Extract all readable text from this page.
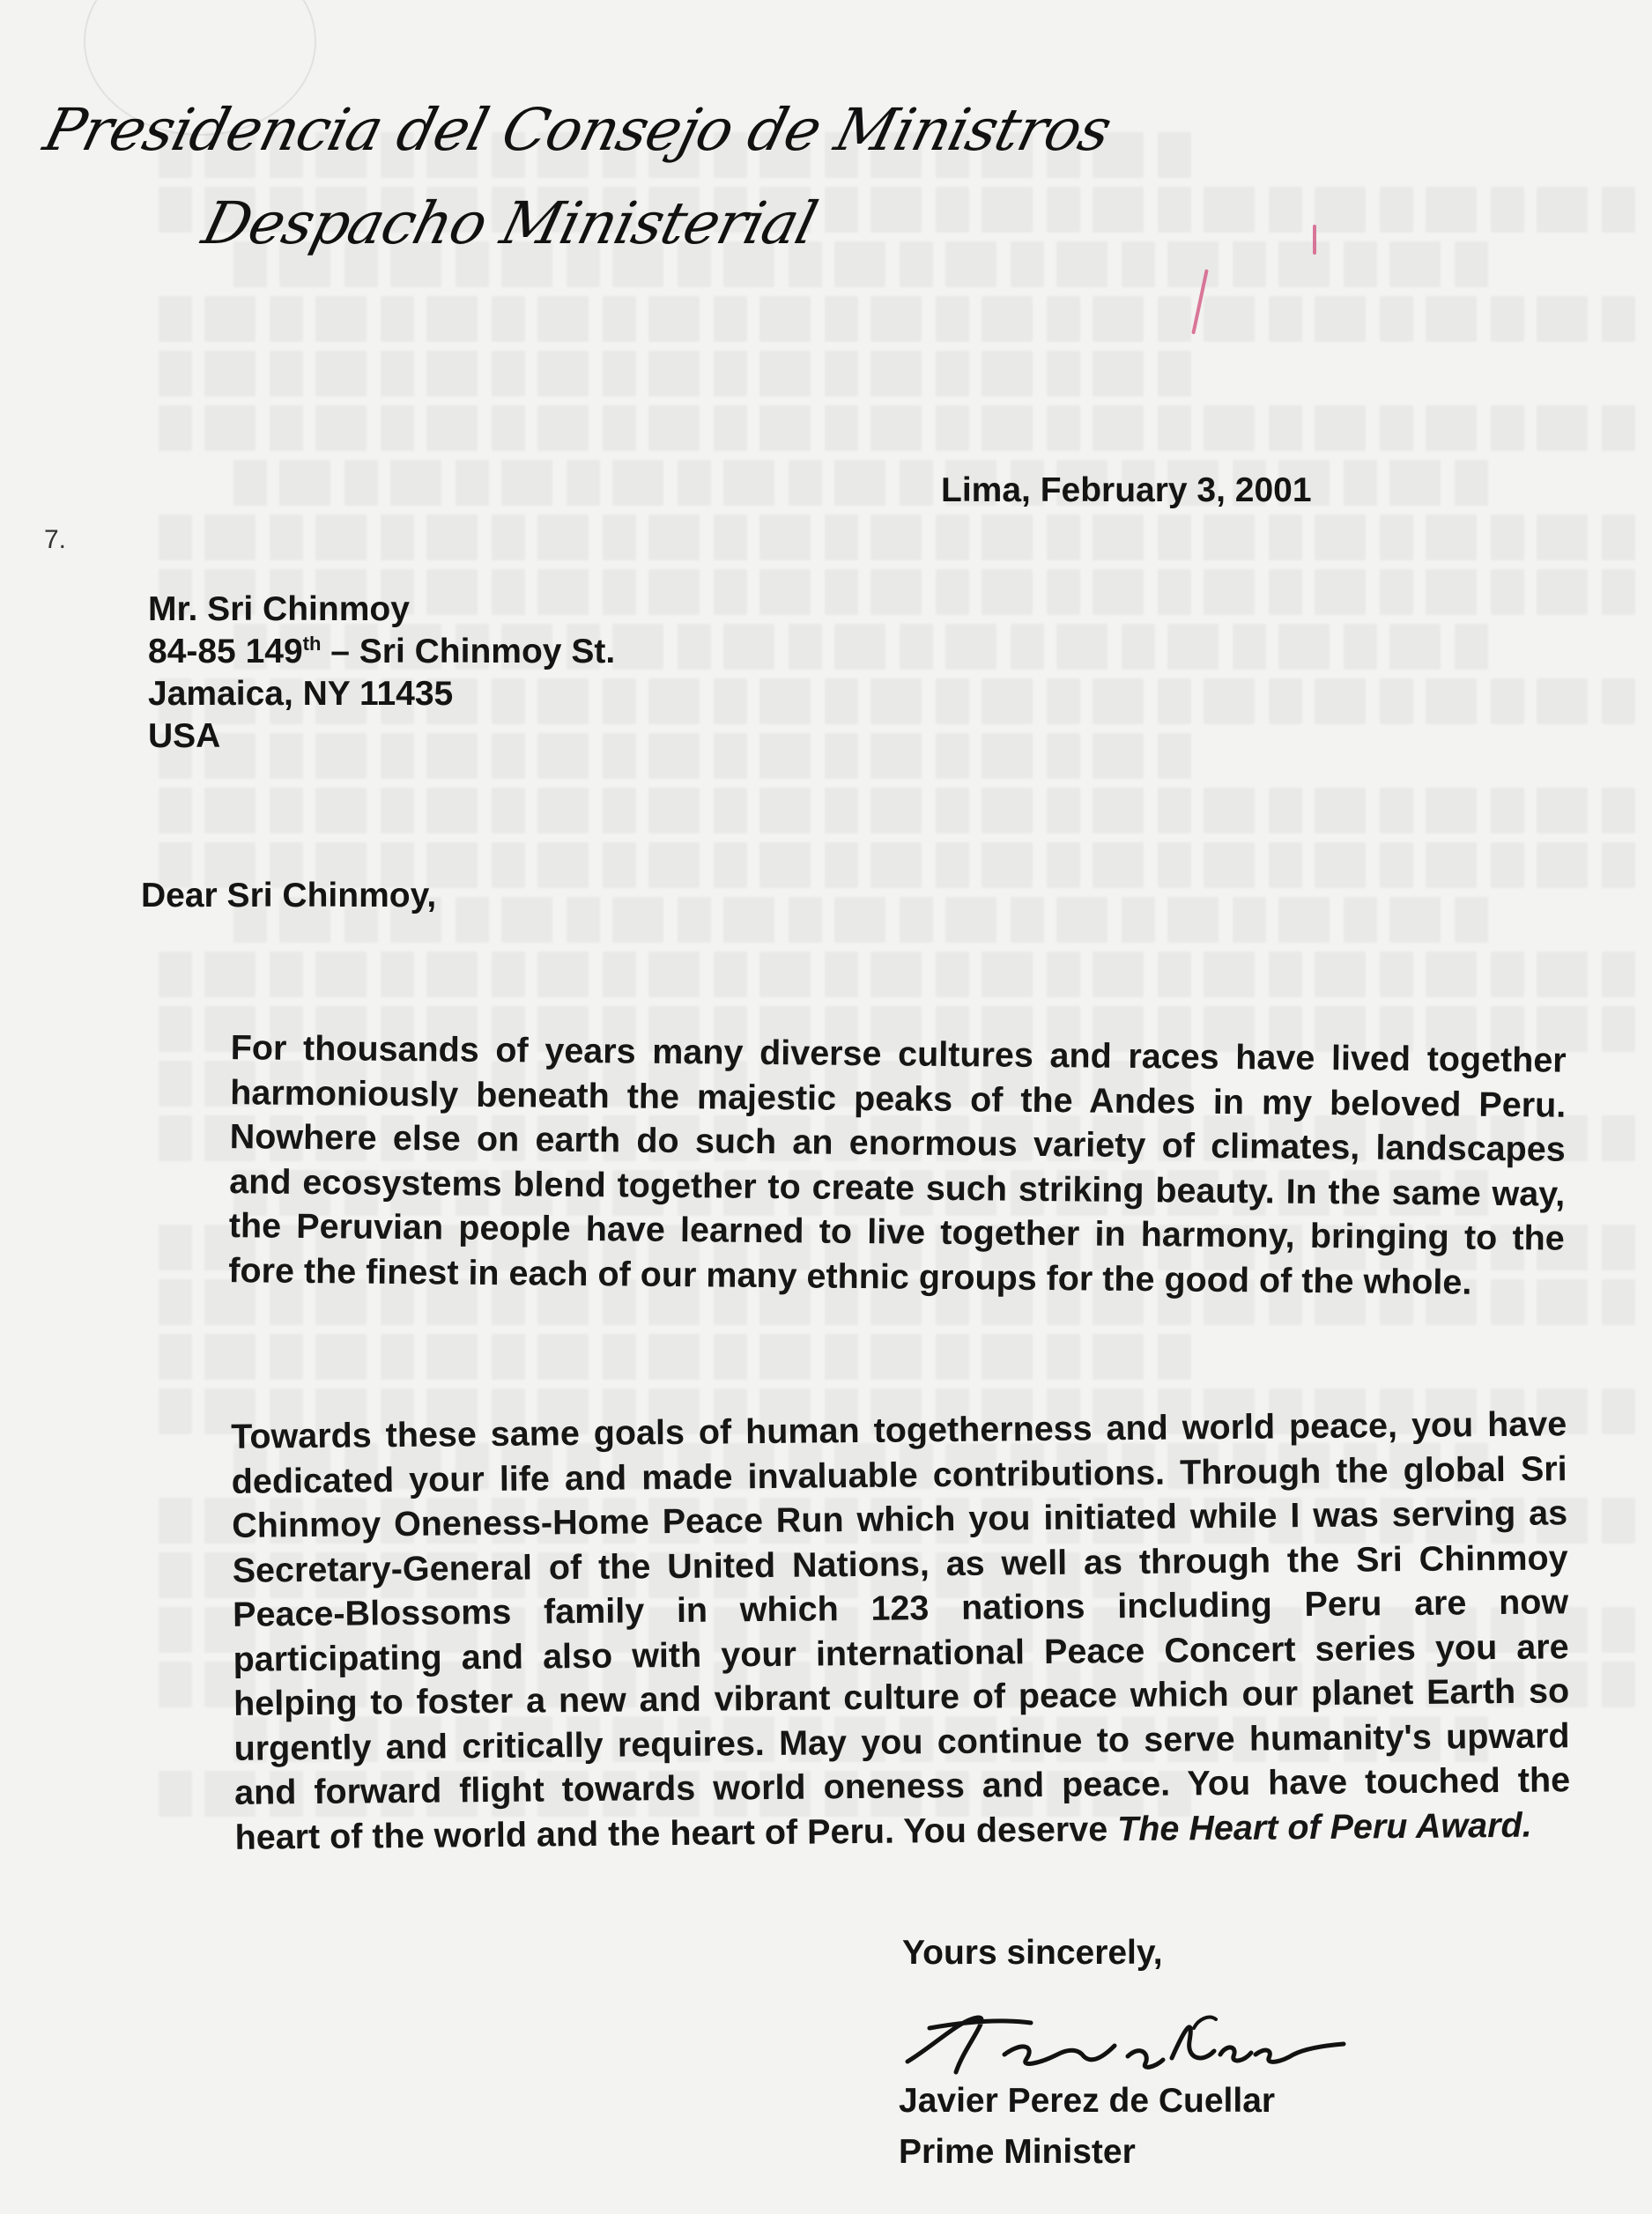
Presidencia del Consejo de Ministros
Despacho Ministerial
7.
Lima, February 3, 2001
Mr. Sri Chinmoy
84-85 149th – Sri Chinmoy St.
Jamaica, NY 11435
USA
Dear Sri Chinmoy,
For thousands of years many diverse cultures and races have lived together harmoniously beneath the majestic peaks of the Andes in my beloved Peru. Nowhere else on earth do such an enormous variety of climates, landscapes and ecosystems blend together to create such striking beauty. In the same way, the Peruvian people have learned to live together in harmony, bringing to the fore the finest in each of our many ethnic groups for the good of the whole.
Towards these same goals of human togetherness and world peace, you have dedicated your life and made invaluable contributions. Through the global Sri Chinmoy Oneness-Home Peace Run which you initiated while I was serving as Secretary-General of the United Nations, as well as through the Sri Chinmoy Peace-Blossoms family in which 123 nations including Peru are now participating and also with your international Peace Concert series you are helping to foster a new and vibrant culture of peace which our planet Earth so urgently and critically requires. May you continue to serve humanity's upward and forward flight towards world oneness and peace. You have touched the heart of the world and the heart of Peru. You deserve The Heart of Peru Award.
Yours sincerely,
Javier Perez de Cuellar
Prime Minister
